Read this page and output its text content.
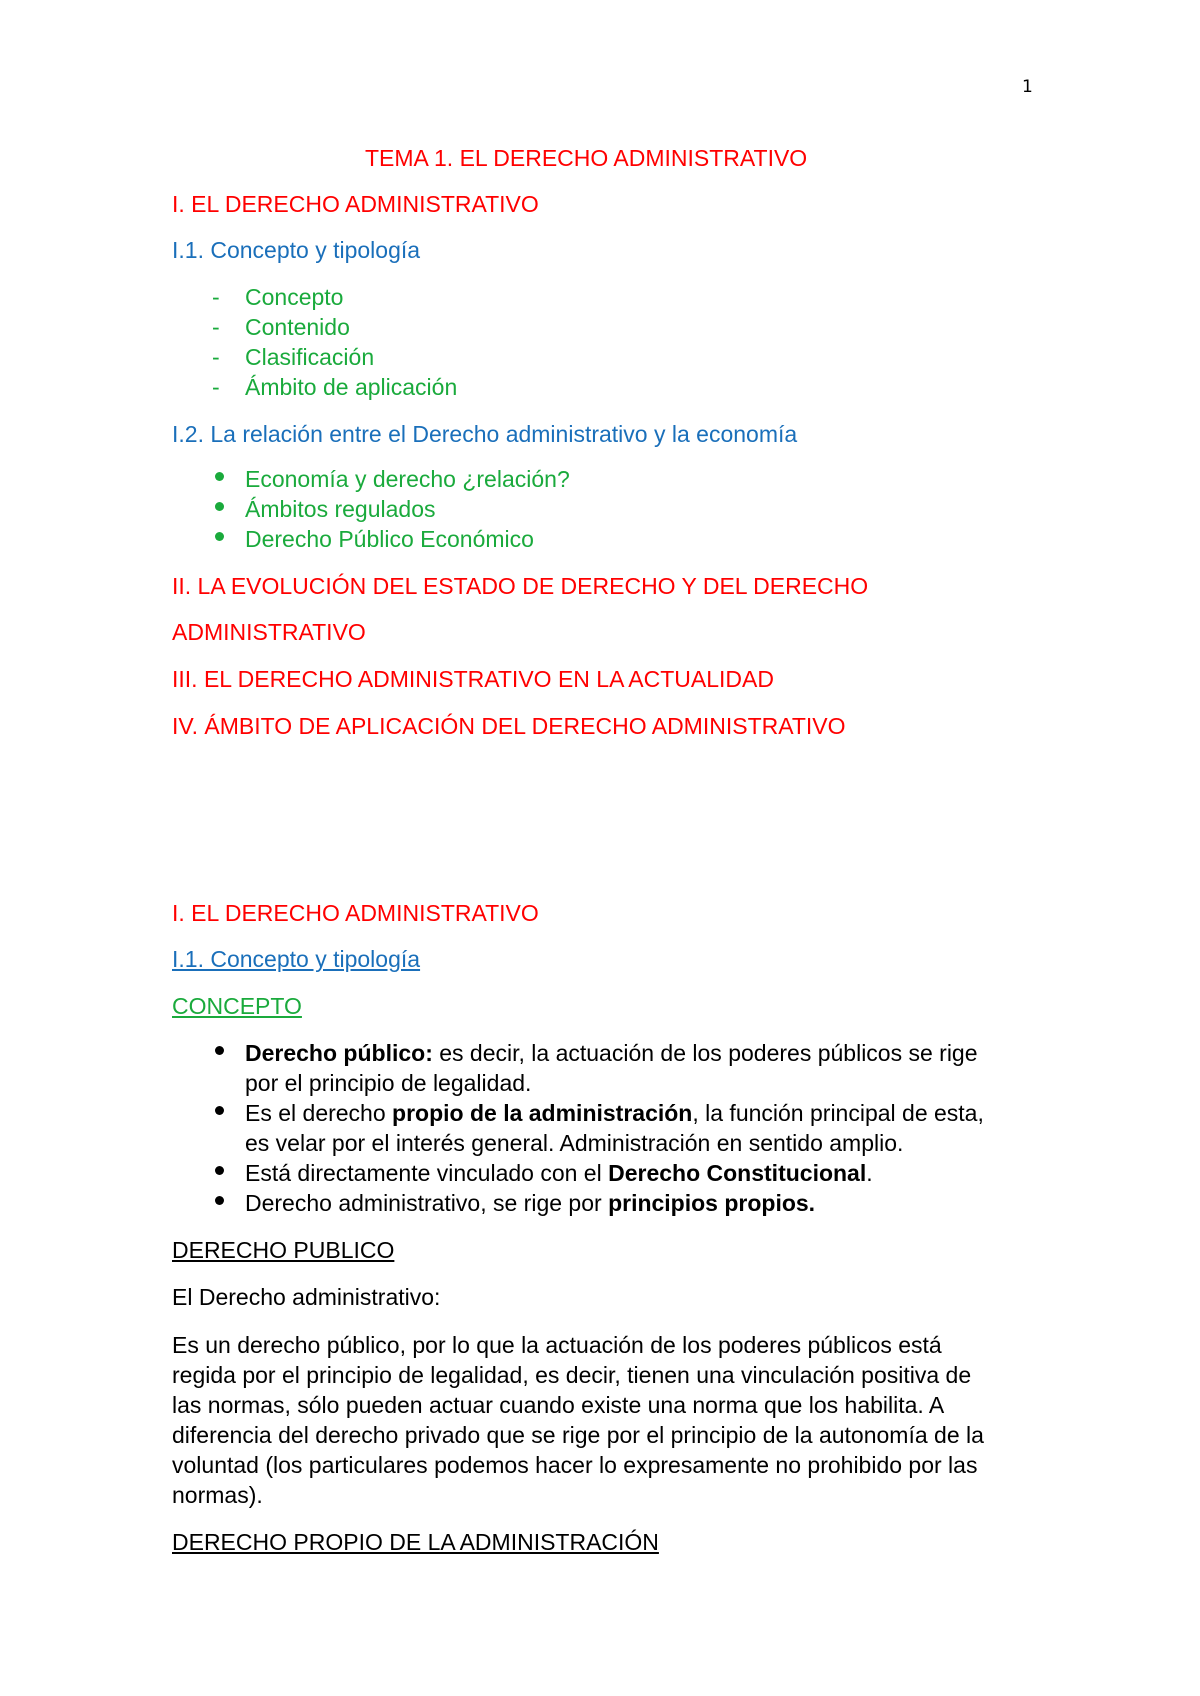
1
TEMA 1. EL DERECHO ADMINISTRATIVO
I. EL DERECHO ADMINISTRATIVO
I.1. Concepto y tipología
- Concepto
- Contenido
- Clasificación
- Ámbito de aplicación
I.2. La relación entre el Derecho administrativo y la economía
Economía y derecho ¿relación?
Ámbitos regulados
Derecho Público Económico
II. LA EVOLUCIÓN DEL ESTADO DE DERECHO Y DEL DERECHO
ADMINISTRATIVO
III. EL DERECHO ADMINISTRATIVO EN LA ACTUALIDAD
IV. ÁMBITO DE APLICACIÓN DEL DERECHO ADMINISTRATIVO
I. EL DERECHO ADMINISTRATIVO
I.1. Concepto y tipología
CONCEPTO
Derecho público: es decir, la actuación de los poderes públicos se rige
por el principio de legalidad.
Es el derecho propio de la administración, la función principal de esta,
es velar por el interés general. Administración en sentido amplio.
Está directamente vinculado con el Derecho Constitucional.
Derecho administrativo, se rige por principios propios.
DERECHO PUBLICO
El Derecho administrativo:
Es un derecho público, por lo que la actuación de los poderes públicos está
regida por el principio de legalidad, es decir, tienen una vinculación positiva de
las normas, sólo pueden actuar cuando existe una norma que los habilita. A
diferencia del derecho privado que se rige por el principio de la autonomía de la
voluntad (los particulares podemos hacer lo expresamente no prohibido por las
normas).
DERECHO PROPIO DE LA ADMINISTRACIÓN
